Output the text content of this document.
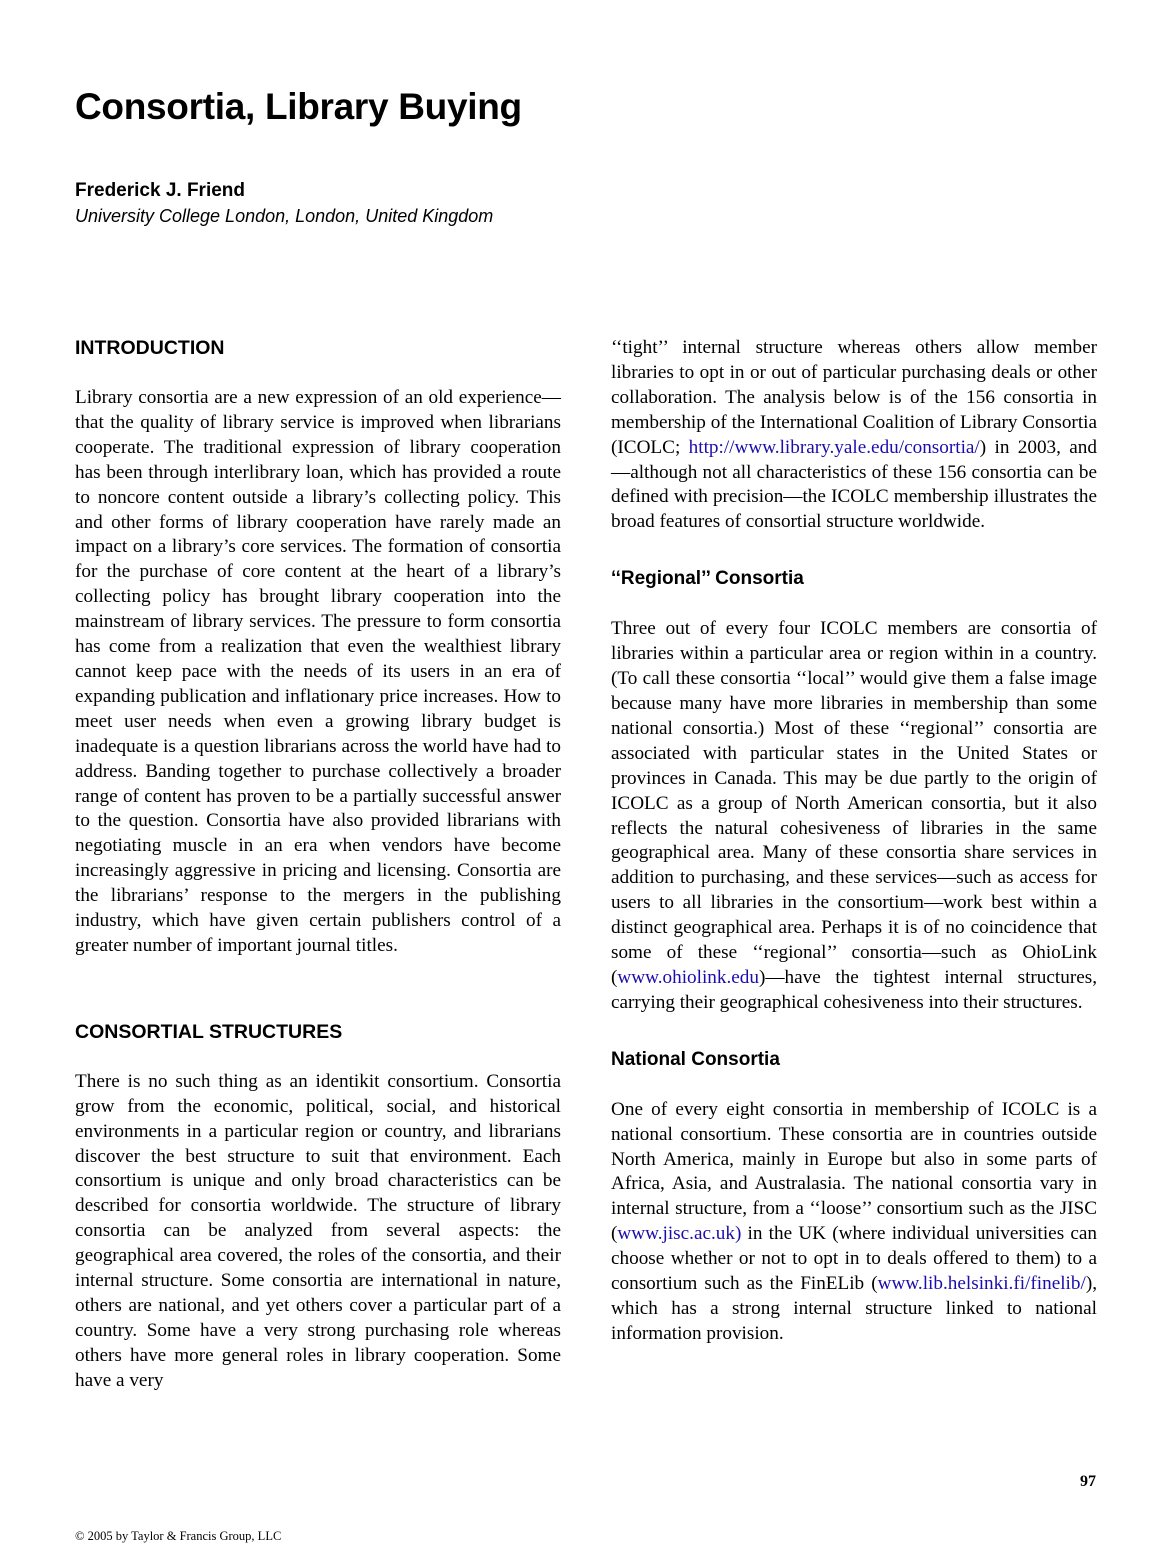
Consortia, Library Buying
Frederick J. Friend
University College London, London, United Kingdom
INTRODUCTION

Library consortia are a new expression of an old experience—that the quality of library service is improved when librarians cooperate. The traditional expression of library cooperation has been through interlibrary loan, which has provided a route to noncore content outside a library’s collecting policy. This and other forms of library cooperation have rarely made an impact on a library’s core services. The formation of consortia for the purchase of core content at the heart of a library’s collecting policy has brought library cooperation into the mainstream of library services. The pressure to form consortia has come from a realization that even the wealthiest library cannot keep pace with the needs of its users in an era of expanding publication and inflationary price increases. How to meet user needs when even a growing library budget is inadequate is a question librarians across the world have had to address. Banding together to purchase collectively a broader range of content has proven to be a partially successful answer to the question. Consortia have also provided librarians with negotiating muscle in an era when vendors have become increasingly aggressive in pricing and licensing. Consortia are the librarians’ response to the mergers in the publishing industry, which have given certain publishers control of a greater number of important journal titles.

CONSORTIAL STRUCTURES

There is no such thing as an identikit consortium. Consortia grow from the economic, political, social, and historical environments in a particular region or country, and librarians discover the best structure to suit that environment. Each consortium is unique and only broad characteristics can be described for consortia worldwide. The structure of library consortia can be analyzed from several aspects: the geographical area covered, the roles of the consortia, and their internal structure. Some consortia are international in nature, others are national, and yet others cover a particular part of a country. Some have a very strong purchasing role whereas others have more general roles in library cooperation. Some have a very

‘‘tight’’ internal structure whereas others allow member libraries to opt in or out of particular purchasing deals or other collaboration. The analysis below is of the 156 consortia in membership of the International Coalition of Library Consortia (ICOLC; http://www.library.yale.edu/consortia/) in 2003, and—although not all characteristics of these 156 consortia can be defined with precision—the ICOLC membership illustrates the broad features of consortial structure worldwide.

‘‘Regional’’ Consortia

Three out of every four ICOLC members are consortia of libraries within a particular area or region within in a country. (To call these consortia ‘‘local’’ would give them a false image because many have more libraries in membership than some national consortia.) Most of these ‘‘regional’’ consortia are associated with particular states in the United States or provinces in Canada. This may be due partly to the origin of ICOLC as a group of North American consortia, but it also reflects the natural cohesiveness of libraries in the same geographical area. Many of these consortia share services in addition to purchasing, and these services—such as access for users to all libraries in the consortium—work best within a distinct geographical area. Perhaps it is of no coincidence that some of these ‘‘regional’’ consortia—such as OhioLink (www.ohiolink.edu)—have the tightest internal structures, carrying their geographical cohesiveness into their structures.

National Consortia

One of every eight consortia in membership of ICOLC is a national consortium. These consortia are in countries outside North America, mainly in Europe but also in some parts of Africa, Asia, and Australasia. The national consortia vary in internal structure, from a ‘‘loose’’ consortium such as the JISC (www.jisc.ac.uk) in the UK (where individual universities can choose whether or not to opt in to deals offered to them) to a consortium such as the FinELib (www.lib.helsinki.fi/finelib/), which has a strong internal structure linked to national information provision.

97
© 2005 by Taylor & Francis Group, LLC
